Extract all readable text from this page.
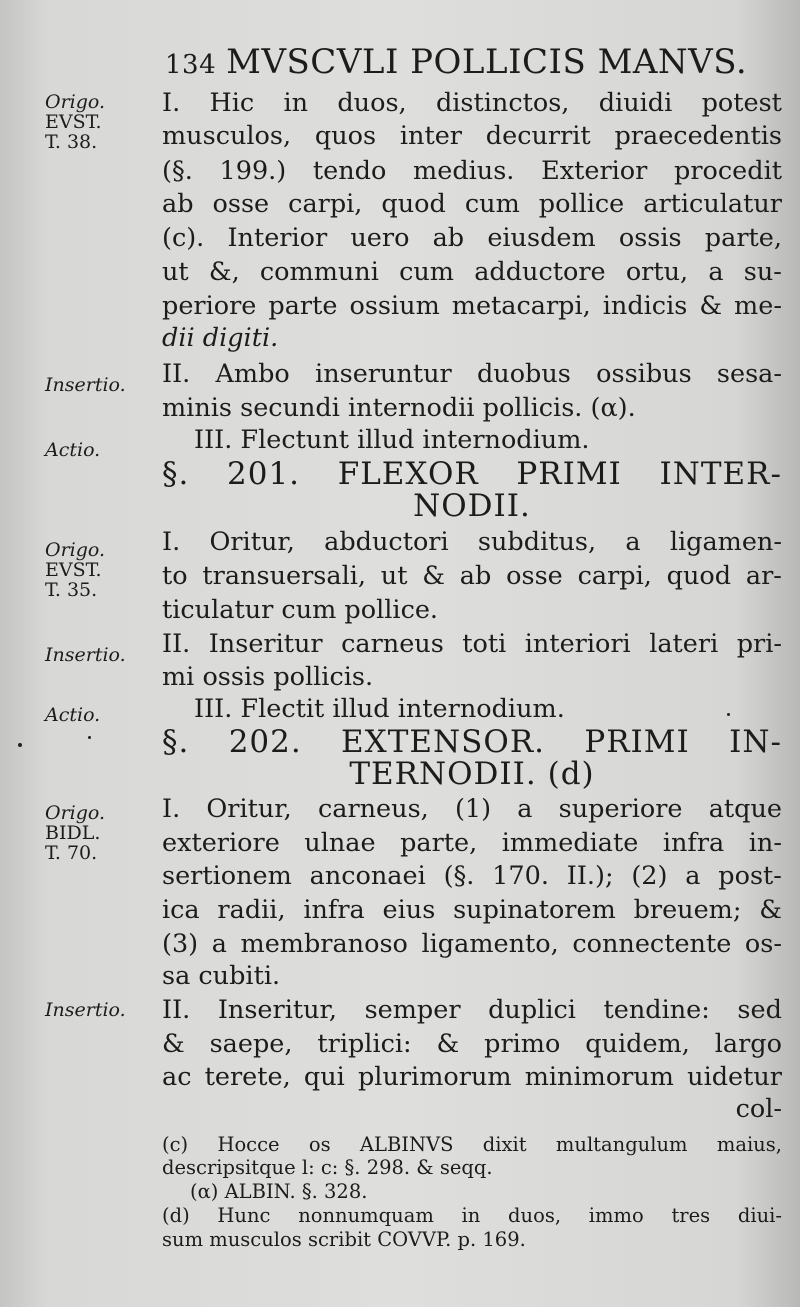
134 MVSCVLI POLLICIS MANVS.
Origo.
EVST.
T. 38.
Insertio.
Actio.
Origo.
EVST.
T. 35.
Insertio.
Actio.
Origo.
BIDL.
T. 70.
Insertio.
I. Hic in duos, distinctos, diuidi potest
musculos, quos inter decurrit praecedentis
(§. 199.) tendo medius. Exterior procedit
ab osse carpi, quod cum pollice articulatur
(c). Interior uero ab eiusdem ossis parte,
ut &, communi cum adductore ortu, a su-
periore parte ossium metacarpi, indicis & me-
dii digiti.
II. Ambo inseruntur duobus ossibus sesa-
minis secundi internodii pollicis. (α).
III. Flectunt illud internodium.
§. 201. FLEXOR PRIMI INTER-
NODII.
I. Oritur, abductori subditus, a ligamen-
to transuersali, ut & ab osse carpi, quod ar-
ticulatur cum pollice.
II. Inseritur carneus toti interiori lateri pri-
mi ossis pollicis.
III. Flectit illud internodium.
§. 202. EXTENSOR. PRIMI IN-
TERNODII. (d)
I. Oritur, carneus, (1) a superiore atque
exteriore ulnae parte, immediate infra in-
sertionem anconaei (§. 170. II.); (2) a post-
ica radii, infra eius supinatorem breuem; &
(3) a membranoso ligamento, connectente os-
sa cubiti.
II. Inseritur, semper duplici tendine: sed
& saepe, triplici: & primo quidem, largo
ac terete, qui plurimorum minimorum uidetur
col-
(c) Hocce os ALBINVS dixit multangulum maius,
descripsitque l: c: §. 298. & seqq.
(α) ALBIN. §. 328.
(d) Hunc nonnumquam in duos, immo tres diui-
sum musculos scribit COVVP. p. 169.
